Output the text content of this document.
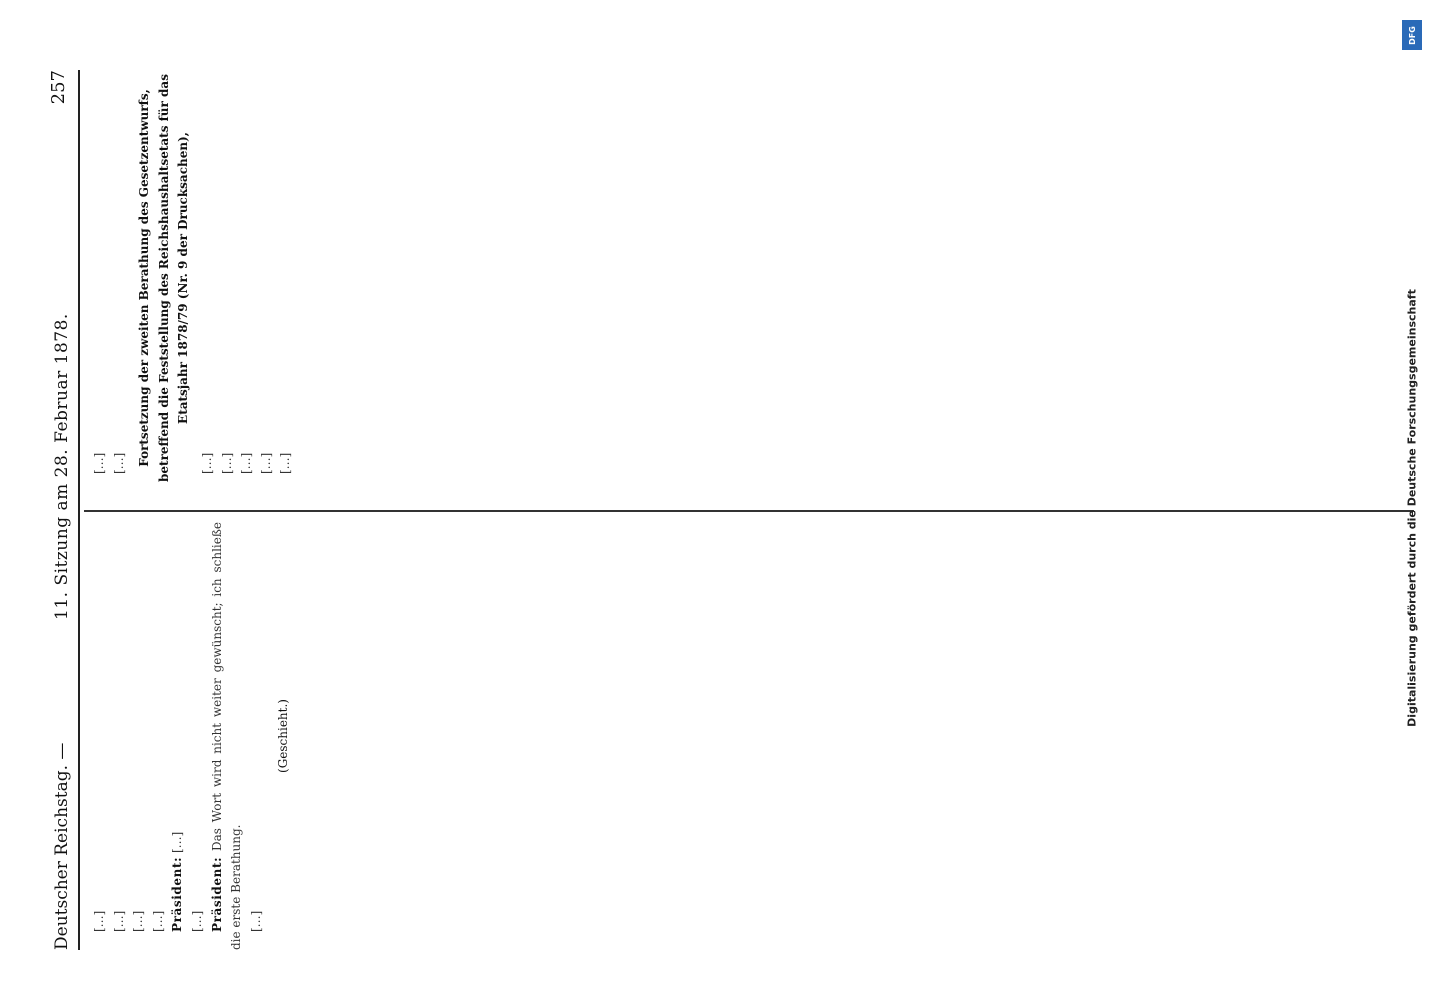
Deutscher Reichstag. —
11. Sitzung am 28. Februar 1878.
257

[…] […] […] […] Präsident: […]

[…] Präsident: Das Wort wird nicht weiter gewünscht; ich schließe die erste Berathung. […]

(Geschieht.)

[…] […] Fortsetzung der zweiten Berathung des Gesetzentwurfs, betreffend die Feststellung des Reichshaushaltsetats für das Etatsjahr 1878/79 (Nr. 9 der Drucksachen),

[…] […] […] […] […]

DFG
Digitalisierung gefördert durch die Deutsche Forschungsgemeinschaft
